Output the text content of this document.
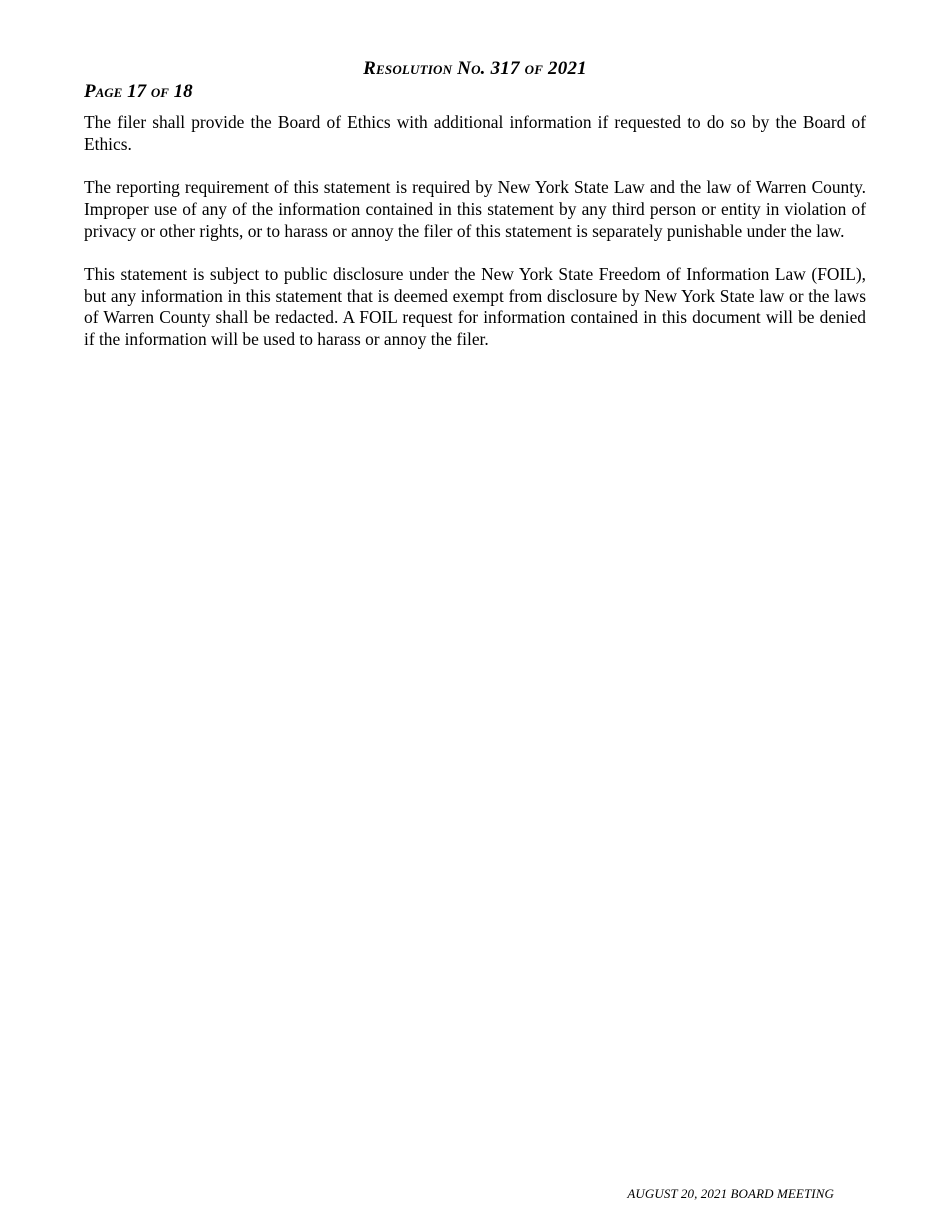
Resolution No. 317 of 2021
Page 17 of 18

The filer shall provide the Board of Ethics with additional information if requested to do so by the Board of Ethics.

The reporting requirement of this statement is required by New York State Law and the law of Warren County. Improper use of any of the information contained in this statement by any third person or entity in violation of privacy or other rights, or to harass or annoy the filer of this statement is separately punishable under the law.

This statement is subject to public disclosure under the New York State Freedom of Information Law (FOIL), but any information in this statement that is deemed exempt from disclosure by New York State law or the laws of Warren County shall be redacted. A FOIL request for information contained in this document will be denied if the information will be used to harass or annoy the filer.

AUGUST 20, 2021 BOARD MEETING
